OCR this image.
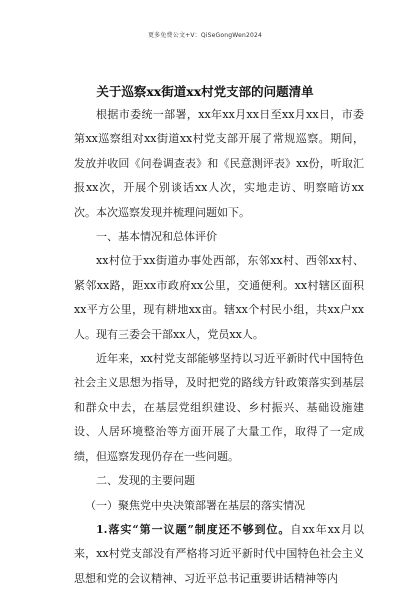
更多免费公文+V：QiSeGongWen2024
关于巡察xx街道xx村党支部的问题清单

根据市委统一部署，xx年xx月xx日至xx月xx日，市委第xx巡察组对xx街道xx村党支部开展了常规巡察。期间，发放并收回《问卷调查表》和《民意测评表》xx份，听取汇报xx次，开展个别谈话xx人次，实地走访、明察暗访xx次。本次巡察发现并梳理问题如下。

一、基本情况和总体评价

xx村位于xx街道办事处西部，东邻xx村、西邻xx村、紧邻xx路，距xx市政府xx公里，交通便利。xx村辖区面积xx平方公里，现有耕地xx亩。辖xx个村民小组，共xx户xx人。现有三委会干部xx人，党员xx人。

近年来，xx村党支部能够坚持以习近平新时代中国特色社会主义思想为指导，及时把党的路线方针政策落实到基层和群众中去，在基层党组织建设、乡村振兴、基础设施建设、人居环境整治等方面开展了大量工作，取得了一定成绩，但巡察发现仍存在一些问题。

二、发现的主要问题

（一）聚焦党中央决策部署在基层的落实情况

1.落实“第一议题”制度还不够到位。自xx年xx月以来，xx村党支部没有严格将习近平新时代中国特色社会主义思想和党的会议精神、习近平总书记重要讲话精神等内
